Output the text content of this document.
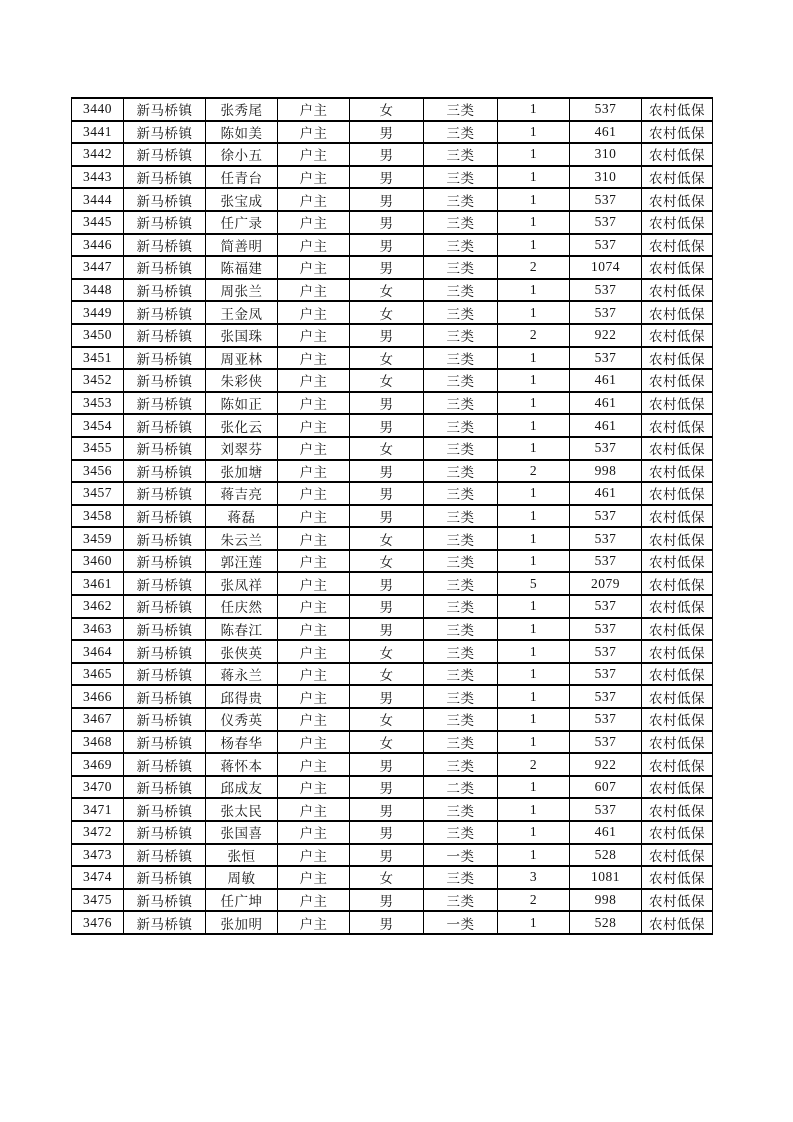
3440	新马桥镇	张秀尾	户主	女	三类	1	537	农村低保
3441	新马桥镇	陈如美	户主	男	三类	1	461	农村低保
3442	新马桥镇	徐小五	户主	男	三类	1	310	农村低保
3443	新马桥镇	任青台	户主	男	三类	1	310	农村低保
3444	新马桥镇	张宝成	户主	男	三类	1	537	农村低保
3445	新马桥镇	任广录	户主	男	三类	1	537	农村低保
3446	新马桥镇	简善明	户主	男	三类	1	537	农村低保
3447	新马桥镇	陈福建	户主	男	三类	2	1074	农村低保
3448	新马桥镇	周张兰	户主	女	三类	1	537	农村低保
3449	新马桥镇	王金凤	户主	女	三类	1	537	农村低保
3450	新马桥镇	张国珠	户主	男	三类	2	922	农村低保
3451	新马桥镇	周亚林	户主	女	三类	1	537	农村低保
3452	新马桥镇	朱彩侠	户主	女	三类	1	461	农村低保
3453	新马桥镇	陈如正	户主	男	三类	1	461	农村低保
3454	新马桥镇	张化云	户主	男	三类	1	461	农村低保
3455	新马桥镇	刘翠芬	户主	女	三类	1	537	农村低保
3456	新马桥镇	张加塘	户主	男	三类	2	998	农村低保
3457	新马桥镇	蒋吉亮	户主	男	三类	1	461	农村低保
3458	新马桥镇	蒋磊	户主	男	三类	1	537	农村低保
3459	新马桥镇	朱云兰	户主	女	三类	1	537	农村低保
3460	新马桥镇	郭汪莲	户主	女	三类	1	537	农村低保
3461	新马桥镇	张凤祥	户主	男	三类	5	2079	农村低保
3462	新马桥镇	任庆然	户主	男	三类	1	537	农村低保
3463	新马桥镇	陈春江	户主	男	三类	1	537	农村低保
3464	新马桥镇	张侠英	户主	女	三类	1	537	农村低保
3465	新马桥镇	蒋永兰	户主	女	三类	1	537	农村低保
3466	新马桥镇	邱得贵	户主	男	三类	1	537	农村低保
3467	新马桥镇	仪秀英	户主	女	三类	1	537	农村低保
3468	新马桥镇	杨春华	户主	女	三类	1	537	农村低保
3469	新马桥镇	蒋怀本	户主	男	三类	2	922	农村低保
3470	新马桥镇	邱成友	户主	男	二类	1	607	农村低保
3471	新马桥镇	张太民	户主	男	三类	1	537	农村低保
3472	新马桥镇	张国喜	户主	男	三类	1	461	农村低保
3473	新马桥镇	张恒	户主	男	一类	1	528	农村低保
3474	新马桥镇	周敏	户主	女	三类	3	1081	农村低保
3475	新马桥镇	任广坤	户主	男	三类	2	998	农村低保
3476	新马桥镇	张加明	户主	男	一类	1	528	农村低保
